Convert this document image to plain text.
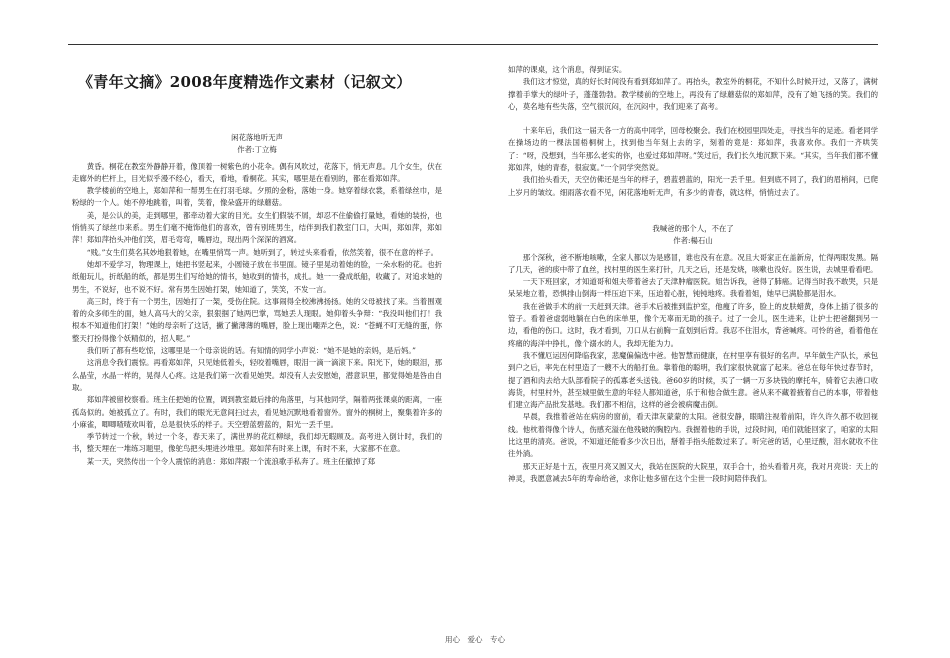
《青年文摘》2008年度精选作文素材（记叙文）
闲花落地听无声
作者:丁立梅

黄昏。桐花在教室外静静开着，像顶着一树紫色的小花伞。偶有风吹过，花落下，悄无声息。几个女生，伏在走廊外的栏杆上，目光似乎漫不经心，看天，看地，看桐花。其实，哪里是在看别的，都在看郑如萍。

教学楼前的空地上，郑如萍和一帮男生在打羽毛球。夕照的金粉，落她一身。她穿着绿衣裳，系着绿丝巾，是粉绿的一个人。她不停地跳着，叫着，笑着，像朵盛开的绿蘑菇。

美，是公认的美，走到哪里，都牵动着大家的目光。女生们假装不屑，却忍不住偷偷打量她，看她的装扮，也悄悄买了绿丝巾来系。男生们毫不掩饰他们的喜欢，曾有别班男生，结伴到我们教室门口，大叫，郑如萍，郑如萍！郑如萍抬头冲他们笑，眉毛弯弯，嘴唇边，现出两个深深的酒窝。

“贱。”女生们莫名其妙地狠着她，在嘴里悄骂一声。她听到了，转过头来看看，依然笑着，很不在意的样子。

她却不爱学习，物理课上，她把书竖起来，小圆镜子放在书里面。镜子里晃动着她的脸，一朵水粉的花。也折纸船玩儿，折纸船的纸，都是男生们写给她的情书，她收到的情书，成扎。她一一叠成纸船，收藏了。对追求她的男生，不说好，也不说不好。常有男生因她打架，她知道了，笑笑，不发一言。

高三时，终于有一个男生，因她打了一架，受伤住院。这事闹得全校沸沸扬扬。她的父母被找了来。当着围观着的众多师生的面，她人高马大的父亲，狠狠掴了她两巴掌，骂她丢人现眼。她仰着头争辩：“我没叫他们打！我根本不知道他们打架！”她的母亲听了这话，撇了撇薄薄的嘴唇，脸上现出嘲弄之色，说：“苍蝇不叮无缝的蛋，你整天打扮得像个妖精似的，招人呢。”

我们听了都有些吃惊，这哪里是一个母亲说的话。有知情的同学小声说：“她不是她的亲妈，是后妈。”

这消息令我们震惊。再看郑如萍，只见她低着头，轻咬着嘴唇，眼泪一滴一滴滚下来。阳光下，她的眼泪，那么晶莹，水晶一样的，晃得人心疼。这是我们第一次看见她哭。却没有人去安慰她，潜意识里，都觉得她是咎由自取。

郑如萍被留校察看。班主任把她的位置，调到教室最后排的角落里，与其他同学，隔着两张课桌的距离，一座孤岛似的。她被孤立了。有时，我们的眼光无意间扫过去，看见她沉默地看着窗外。窗外的桐树上，聚集着许多的小麻雀，唧唧喳喳欢叫着，总是很快乐的样子。天空碧蓝碧蓝的，阳光一丢千里。

季节转过一个秋，转过一个冬，春天来了，满世界的花红柳绿，我们却无暇顾及。高考进入倒计时，我们的书，整天埋在一堆练习题里，像鸵鸟把头埋进沙堆里。郑如萍有时来上课，有时不来，大家都不在意。

某一天，突然传出一个令人震惊的消息：郑如萍跟一个流浪歌手私奔了。班主任撤掉了郑

如萍的课桌，这个消息，得到证实。

我们这才惊觉，真的好长时间没有看到郑如萍了。再抬头，教室外的桐花，不知什么时候开过，又落了，满树撑着手掌大的绿叶子，蓬蓬勃勃。教学楼前的空地上，再没有了绿蘑菇似的郑如萍，没有了她飞扬的笑。我们的心，莫名地有些失落，空气很沉闷，在沉闷中，我们迎来了高考。

十来年后，我们这一届天各一方的高中同学，回母校聚会。我们在校园里四处走，寻找当年的足迹。看老同学在操场边的一棵法国梧桐树上，找到他当年刻上去的字，刻着的竟是：郑如萍，我喜欢你。我们一齐哄笑了：“呀，没想到，当年那么老实的你，也爱过郑如萍呀。”笑过后，我们长久地沉默下来。“其实，当年我们都不懂郑如萍，她的青春，很寂寞。”一个同学突然说。

我们抬头看天，天空仿佛还是当年的样子，碧蓝碧蓝的，阳光一丢千里。但到底不同了，我们的眉梢间，已爬上岁月的皱纹。细雨落衣看不见，闲花落地听无声，有多少的青春，就这样，悄悄过去了。

我喊爸的那个人，不在了
作者:楊石山

那个深秋，爸不断地咳嗽，全家人都以为是感冒，谁也没有在意。况且大哥家正在盖新房，忙得两眼发黑。隔了几天，爸的痰中带了血丝，找村里的医生来打针，几天之后，还是发烧，咳嗽也没好。医生说，去城里看看吧。

一天下班回家，才知道哥和姐夫带着爸去了天津肿瘤医院。姐告诉我，爸得了肺癌。记得当时我不敢哭，只是呆呆地立着，恐惧排山倒海一样压迫下来，压迫着心脏，钝钝地疼。我看着姐，她早已满脸都是泪水。

我在爸做手术的前一天赶到天津。爸手术后被推到监护室，他瘦了许多，脸上的皮肤蜡黄，身体上插了很多的管子。看着爸虚弱地躺在白色的床单里，像个无辜而无助的孩子。过了一会儿，医生进来，让护士把爸翻到另一边，看他的伤口。这时，我才看到，刀口从右前胸一直划到后背。我忍不住泪水，背爸喊疼。可怜的爸，看着他在疼痛的海洋中挣扎，像个溺水的人，我却无能为力。

我不懂厄运因何降临我家，悲魔偏偏选中爸。他智慧而健康，在村里享有很好的名声。早年做生产队长，承包到户之后，率先在村里造了一艘不大的船打鱼。靠着他的聪明，我们家很快就富了起来。爸总在每年快过春节时，提了酒和肉去给大队部看院子的孤寡老头送钱。爸60岁的时候，买了一辆一万多块钱的摩托车，骑着它去港口收海货，村里村外，甚至城里做生意的年轻人都知道爸，乐于和他合做生意。爸从来不藏着掖着自己的本事，带着他们建立海产品批发基地。我们都不相信，这样的爸会被病魔击倒。

早晨，我推着爸站在病房的窗前，看天津灰蒙蒙的太阳。爸很安静，眼睛注视着前阳，许久许久都不收回视线。他枕着得像个诗人，伤感充溢在他残破的胸腔内。我握着他的手说，过段时间，咱们就能回家了，咱家的太阳比这里的清亮。爸说，不知道还能看多少次日出，掰着手指头能数过来了。听完爸的话，心里迂酸，泪水就收不住往外淌。

那天正好是十五，夜里月亮又圆又大，我站在医院的大院里，双手合十，抬头看着月亮，我对月亮说：天上的神灵，我愿意减去5年的寿命给爸，求你让他多留在这个尘世一段时间陪伴我们。

用心　爱心　专心
